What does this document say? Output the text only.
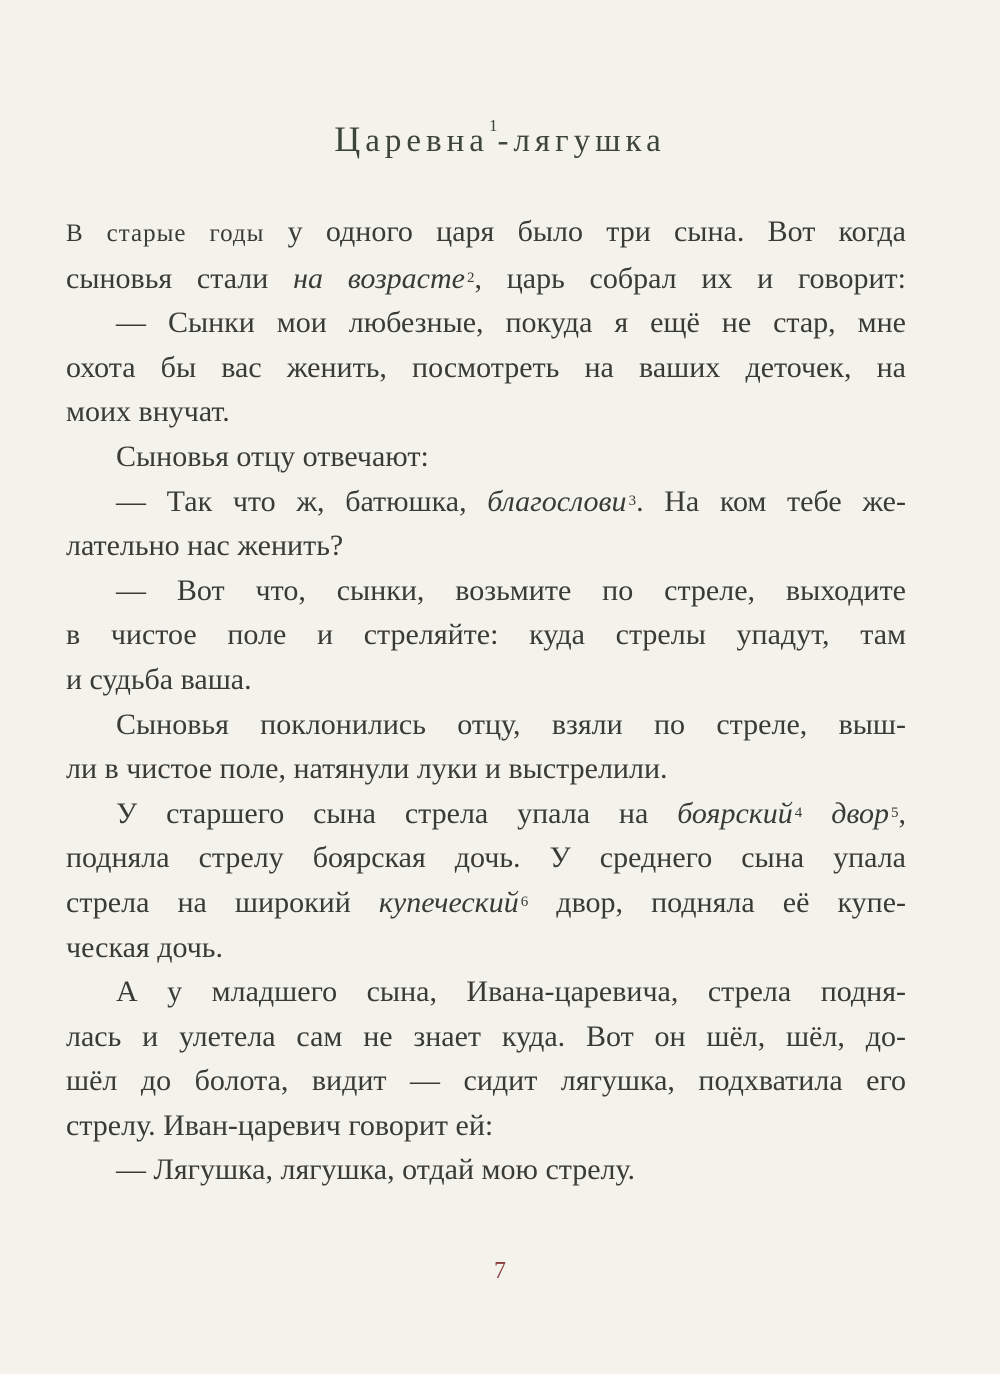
Царевна$^1$-лягушка
В старые годы у одного царя было три сына. Вот когда
сыновья стали на возрасте $^2$, царь собрал их и говорит:
— Сынки мои любезные, покуда я ещё не стар, мне
охота бы вас женить, посмотреть на ваших деточек, на
моих внучат.
Сыновья отцу отвечают:
— Так что ж, батюшка, благослови $^3$. На ком тебе же-
лательно нас женить?
— Вот что, сынки, возьмите по стреле, выходите
в чистое поле и стреляйте: куда стрелы упадут, там
и судьба ваша.
Сыновья поклонились отцу, взяли по стреле, выш-
ли в чистое поле, натянули луки и выстрелили.
У старшего сына стрела упала на боярский $^4$ двор $^5$,
подняла стрелу боярская дочь. У среднего сына упала
стрела на широкий купеческий $^6$ двор, подняла её купе-
ческая дочь.
А у младшего сына, Ивана-царевича, стрела подня-
лась и улетела сам не знает куда. Вот он шёл, шёл, до-
шёл до болота, видит — сидит лягушка, подхватила его
стрелу. Иван-царевич говорит ей:
— Лягушка, лягушка, отдай мою стрелу.
7
